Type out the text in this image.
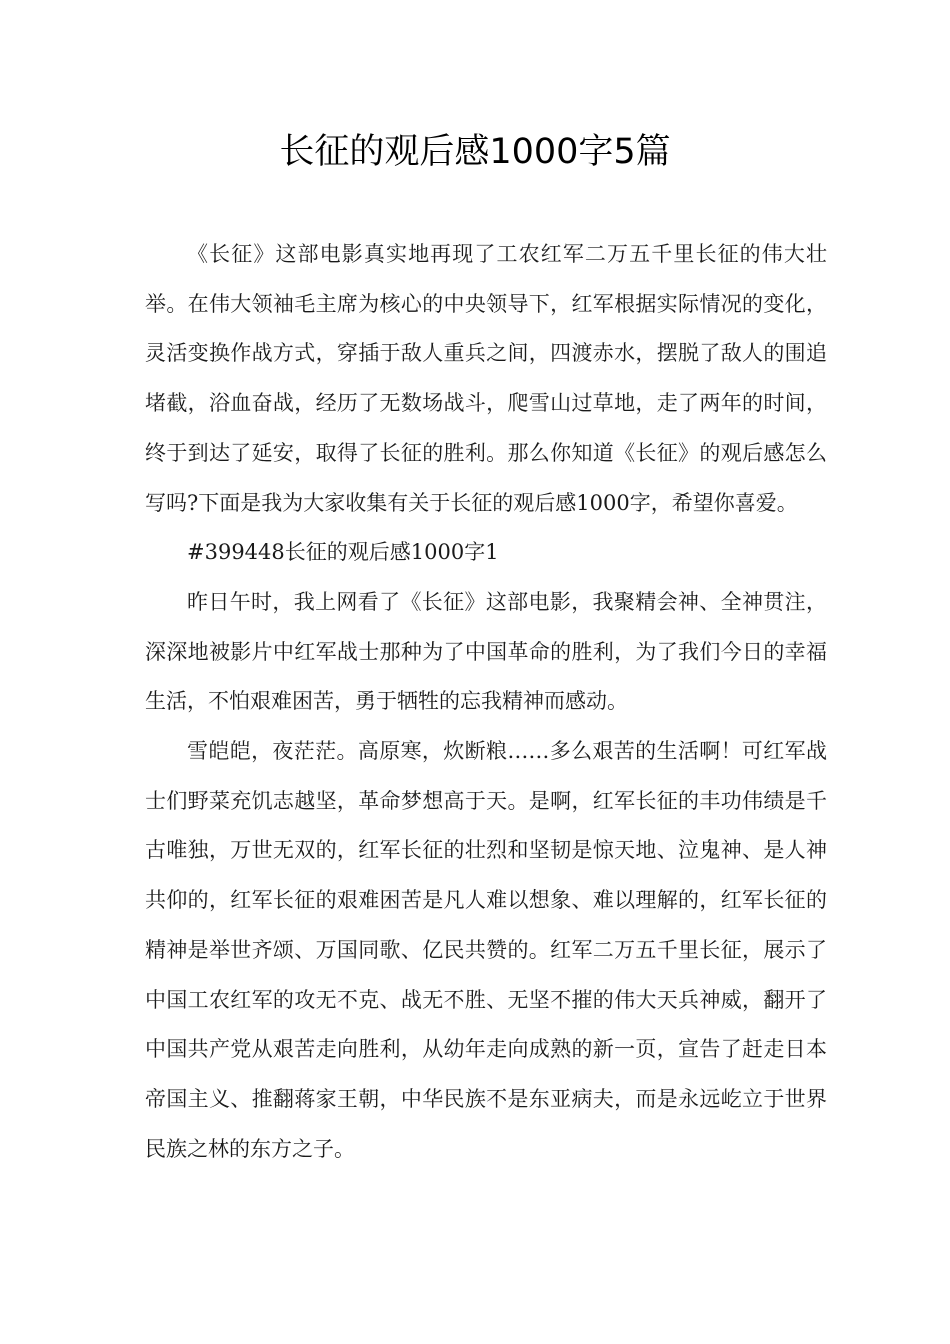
长征的观后感1000字5篇

《长征》这部电影真实地再现了工农红军二万五千里长征的伟大壮举。在伟大领袖毛主席为核心的中央领导下，红军根据实际情况的变化，灵活变换作战方式，穿插于敌人重兵之间，四渡赤水，摆脱了敌人的围追堵截，浴血奋战，经历了无数场战斗，爬雪山过草地，走了两年的时间，终于到达了延安，取得了长征的胜利。那么你知道《长征》的观后感怎么写吗?下面是我为大家收集有关于长征的观后感1000字，希望你喜爱。

#399448长征的观后感1000字1

昨日午时，我上网看了《长征》这部电影，我聚精会神、全神贯注，深深地被影片中红军战士那种为了中国革命的胜利，为了我们今日的幸福生活，不怕艰难困苦，勇于牺牲的忘我精神而感动。

雪皑皑，夜茫茫。高原寒，炊断粮……多么艰苦的生活啊！可红军战士们野菜充饥志越坚，革命梦想高于天。是啊，红军长征的丰功伟绩是千古唯独，万世无双的，红军长征的壮烈和坚韧是惊天地、泣鬼神、是人神共仰的，红军长征的艰难困苦是凡人难以想象、难以理解的，红军长征的精神是举世齐颂、万国同歌、亿民共赞的。红军二万五千里长征，展示了中国工农红军的攻无不克、战无不胜、无坚不摧的伟大天兵神威，翻开了中国共产党从艰苦走向胜利，从幼年走向成熟的新一页，宣告了赶走日本帝国主义、推翻蒋家王朝，中华民族不是东亚病夫，而是永远屹立于世界民族之林的东方之子。
